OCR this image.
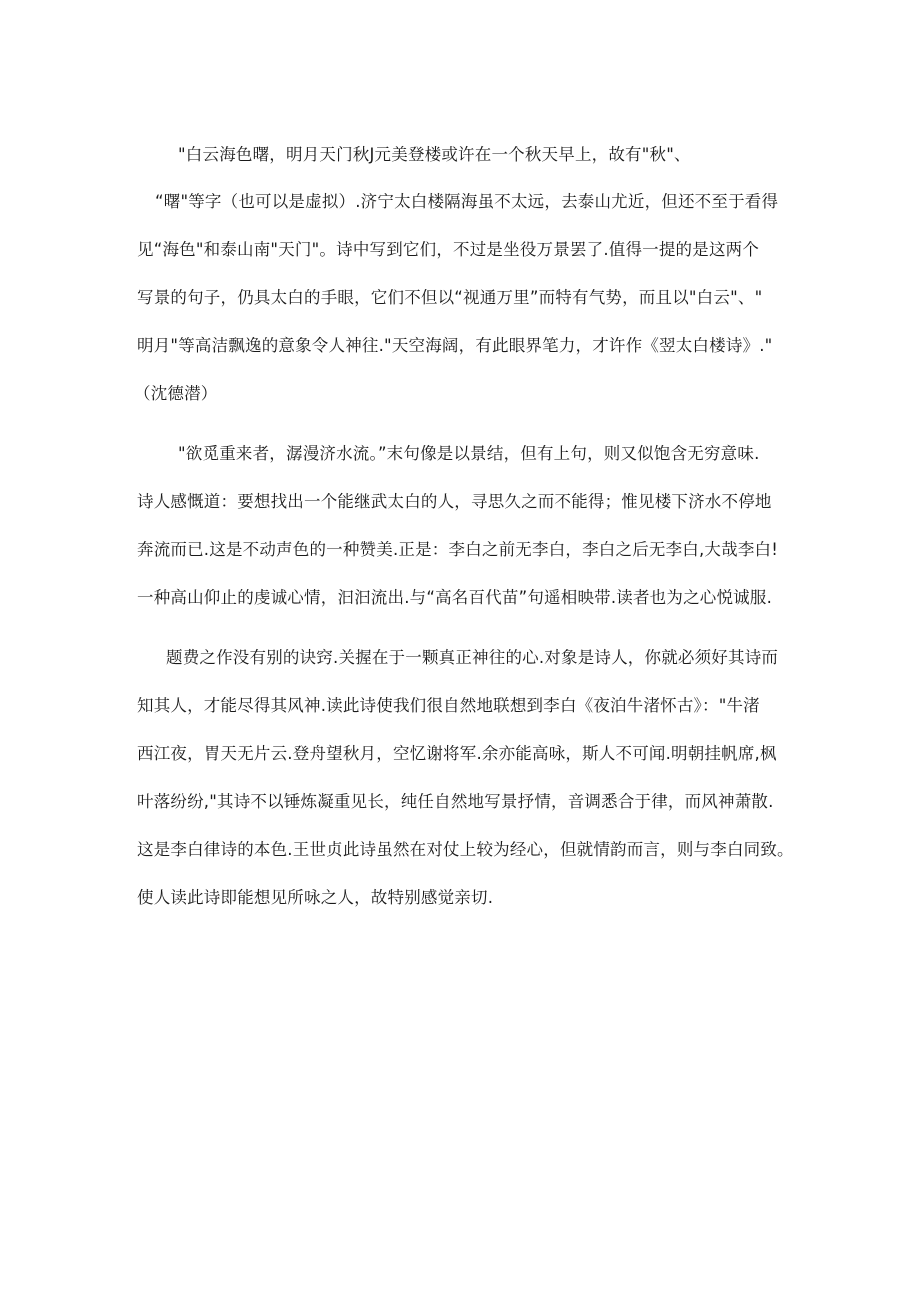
"白云海色曙，明月天门秋J元美登楼或许在一个秋天早上，故有"秋"、
“曙"等字（也可以是虚拟）.济宁太白楼隔海虽不太远，去泰山尤近，但还不至于看得
见“海色"和泰山南"天门"。诗中写到它们，不过是坐役万景罢了.值得一提的是这两个
写景的句子，仍具太白的手眼，它们不但以“视通万里”而特有气势，而且以"白云"、"
明月"等高洁飘逸的意象令人神往."天空海阔，有此眼界笔力，才许作《翌太白楼诗》."
（沈德潜）
"欲觅重来者，潺漫济水流。”末句像是以景结，但有上句，则又似饱含无穷意味.
诗人感慨道：要想找出一个能继武太白的人，寻思久之而不能得；惟见楼下济水不停地
奔流而已.这是不动声色的一种赞美.正是：李白之前无李白，李白之后无李白,大哉李白!
一种高山仰止的虔诚心情，汩汩流出.与“高名百代苗”句遥相映带.读者也为之心悦诚服.
题费之作没有别的诀窍.关握在于一颗真正神往的心.对象是诗人，你就必须好其诗而
知其人，才能尽得其风神.读此诗使我们很自然地联想到李白《夜泊牛渚怀古》："牛渚
西江夜，胃天无片云.登舟望秋月，空忆谢将军.余亦能高咏，斯人不可闻.明朝挂帆席,枫
叶落纷纷,"其诗不以锤炼凝重见长，纯任自然地写景抒情，音调悉合于律，而风神萧散.
这是李白律诗的本色.王世贞此诗虽然在对仗上较为经心，但就情韵而言，则与李白同致。
使人读此诗即能想见所咏之人，故特别感觉亲切.
